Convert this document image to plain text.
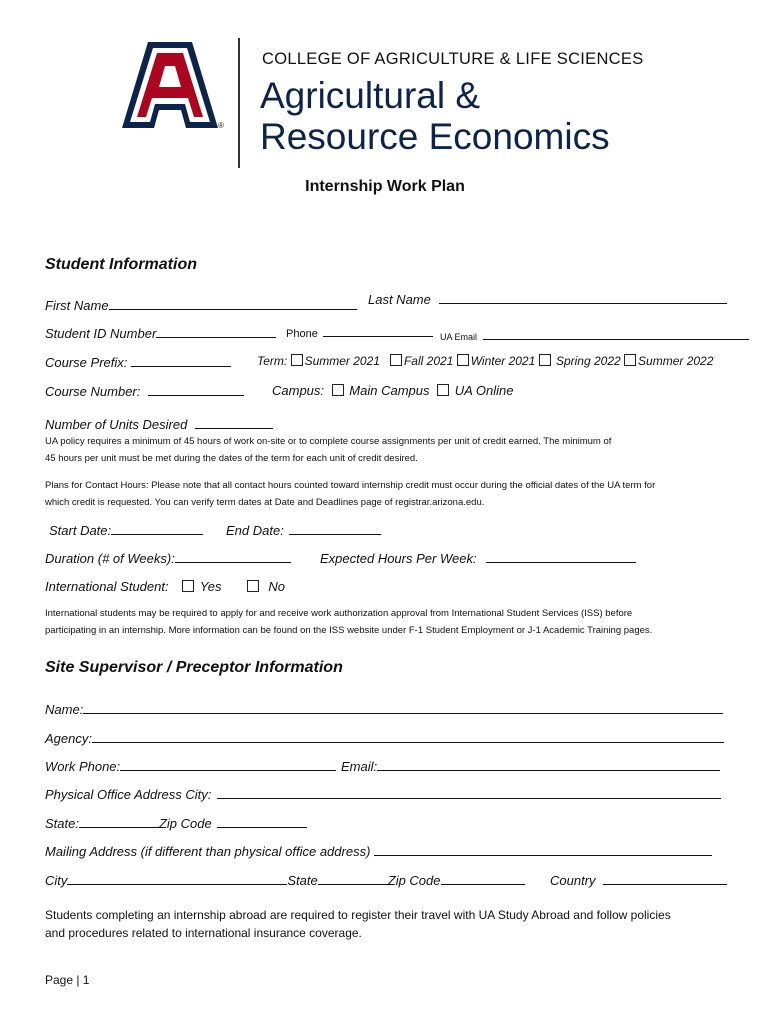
®
COLLEGE OF AGRICULTURE & LIFE SCIENCES
Agricultural &
Resource Economics
Internship Work Plan
Student Information
First Name	Last Name
Student ID Number	Phone	UA Email
Course Prefix:	Term: Summer 2021 Fall 2021 Winter 2021 Spring 2022 Summer 2022
Course Number:	Campus: Main Campus UA Online
Number of Units Desired
UA policy requires a minimum of 45 hours of work on-site or to complete course assignments per unit of credit earned. The minimum of
45 hours per unit must be met during the dates of the term for each unit of credit desired.
Plans for Contact Hours: Please note that all contact hours counted toward internship credit must occur during the official dates of the UA term for
which credit is requested. You can verify term dates at Date and Deadlines page of registrar.arizona.edu.
Start Date:	End Date:
Duration (# of Weeks):	Expected Hours Per Week:
International Student: Yes	No
International students may be required to apply for and receive work authorization approval from International Student Services (ISS) before
participating in an internship. More information can be found on the ISS website under F-1 Student Employment or J-1 Academic Training pages.
Site Supervisor / Preceptor Information
Name:
Agency:
Work Phone:	Email:
Physical Office Address City:
State:	Zip Code
Mailing Address (if different than physical office address)
City	State	Zip Code	Country
Students completing an internship abroad are required to register their travel with UA Study Abroad and follow policies
and procedures related to international insurance coverage.
Page | 1
